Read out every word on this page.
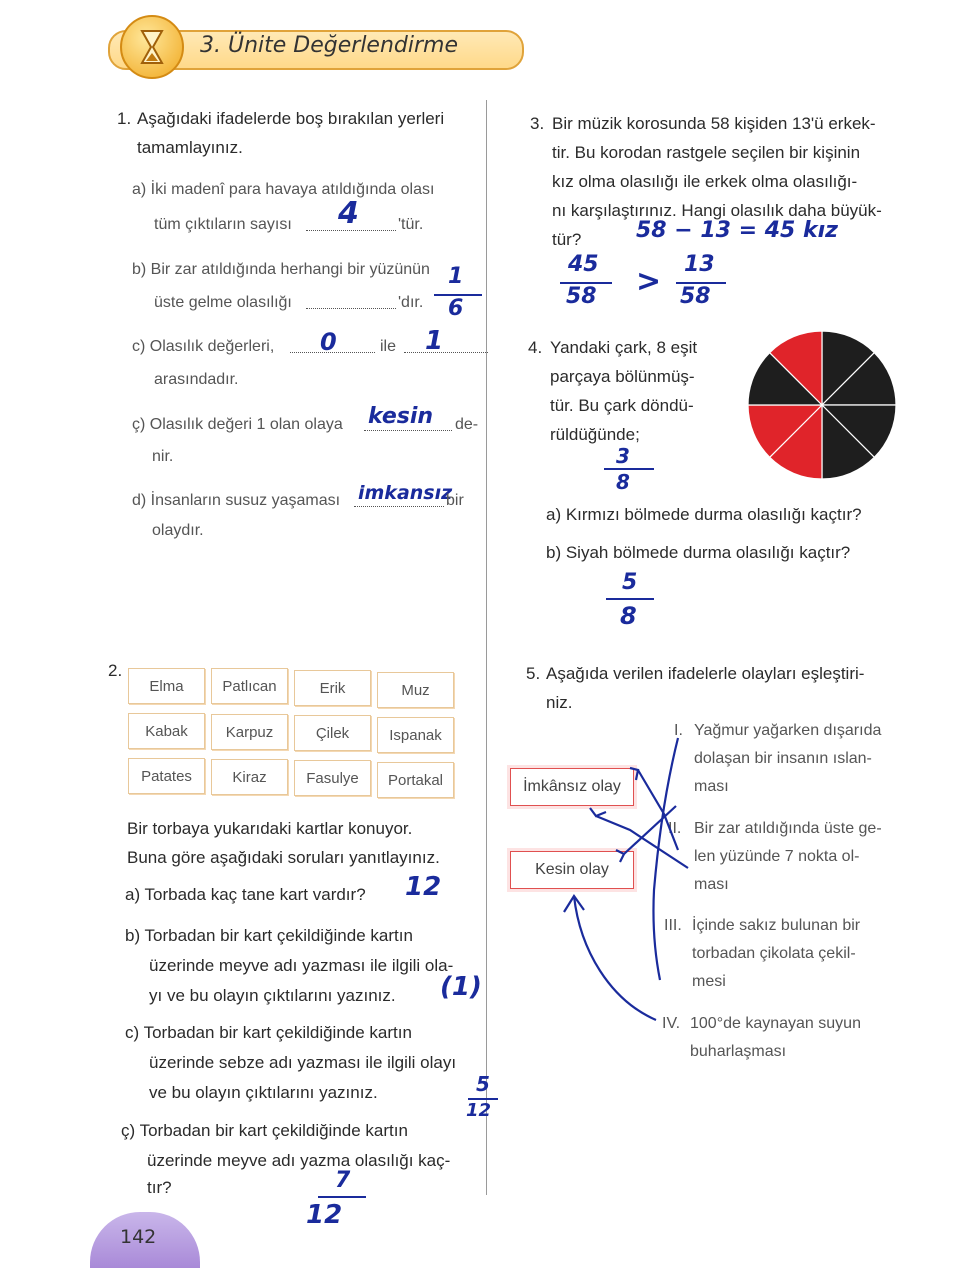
3. Ünite Değerlendirme
1. Aşağıdaki ifadelerde boş bırakılan yerleri
tamamlayınız.
a) İki madenî para havaya atıldığında olası
tüm çıktıların sayısı 4 'tür.
b) Bir zar atıldığında herhangi bir yüzünün
üste gelme olasılığı	'dır.
1
6
c) Olasılık değerleri, 0	ile 1
arasındadır.
ç) Olasılık değeri 1 olan olaya kesin de-
nir.
d) İnsanların susuz yaşaması imkansız
bir
olaydır.
2.
Elma	Patlıcan	Erik	Muz
Kabak	Karpuz	Çilek	Ispanak
Patates	Kiraz	Fasulye	Portakal
Bir torbaya yukarıdaki kartlar konuyor.
Buna göre aşağıdaki soruları yanıtlayınız.
a) Torbada kaç tane kart vardır? 12
b) Torbadan bir kart çekildiğinde kartın
üzerinde meyve adı yazması ile ilgili ola-
yı ve bu olayın çıktılarını yazınız. (1)
c) Torbadan bir kart çekildiğinde kartın
üzerinde sebze adı yazması ile ilgili olayı
ve bu olayın çıktılarını yazınız.	5
12
ç) Torbadan bir kart çekildiğinde kartın
üzerinde meyve adı yazma olasılığı kaç-
tır?	7
12
3. Bir müzik korosunda 58 kişiden 13'ü erkek-
tir. Bu korodan rastgele seçilen bir kişinin
kız olma olasılığı ile erkek olma olasılığı-
nı karşılaştırınız. Hangi olasılık daha büyük-
tür? 58 − 13 = 45 kız
45
58 > 13
58
4. Yandaki çark, 8 eşit
parçaya bölünmüş-
tür. Bu çark döndü-
rüldüğünde;
3
8
a) Kırmızı bölmede durma olasılığı kaçtır?
b) Siyah bölmede durma olasılığı kaçtır?
5
8
5. Aşağıda verilen ifadelerle olayları eşleştiri-
niz.
İmkânsız olay
Kesin olay
I. Yağmur yağarken dışarıda
dolaşan bir insanın ıslan-
ması
II. Bir zar atıldığında üste ge-
len yüzünde 7 nokta ol-
ması
III. İçinde sakız bulunan bir
torbadan çikolata çekil-
mesi
IV. 100°de kaynayan suyun
buharlaşması
142
